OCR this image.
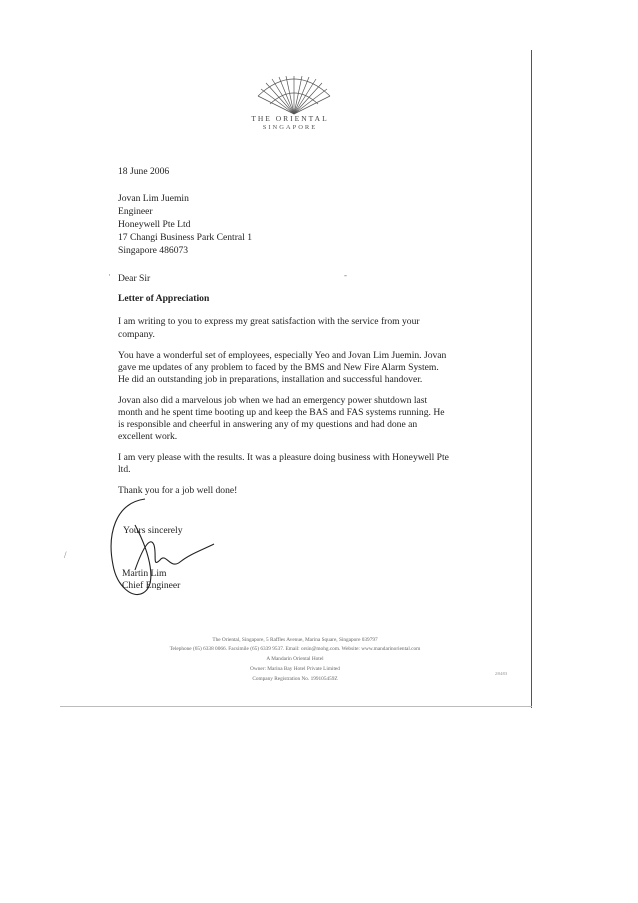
THE ORIENTAL
SINGAPORE
18 June 2006
Jovan Lim Juemin
Engineer
Honeywell Pte Ltd
17 Changi Business Park Central 1
Singapore 486073
Dear Sir
Letter of Appreciation
I am writing to you to express my great satisfaction with the service from your
company.
You have a wonderful set of employees, especially Yeo and Jovan Lim Juemin. Jovan
gave me updates of any problem to faced by the BMS and New Fire Alarm System.
He did an outstanding job in preparations, installation and successful handover.
Jovan also did a marvelous job when we had an emergency power shutdown last
month and he spent time booting up and keep the BAS and FAS systems running. He
is responsible and cheerful in answering any of my questions and had done an
excellent work.
I am very please with the results. It was a pleasure doing business with Honeywell Pte
ltd.
Thank you for a job well done!
Yours sincerely
Martin Lim
Chief Engineer
The Oriental, Singapore, 5 Raffles Avenue, Marina Square, Singapore 039797
Telephone (65) 6338 0066. Facsimile (65) 6339 9537. Email: orsin@mohg.com. Website: www.mandarinoriental.com
A Mandarin Oriental Hotel
Owner: Marina Bay Hotel Private Limited
Company Registration No. 199105459Z
2/04/03
·	-
/
